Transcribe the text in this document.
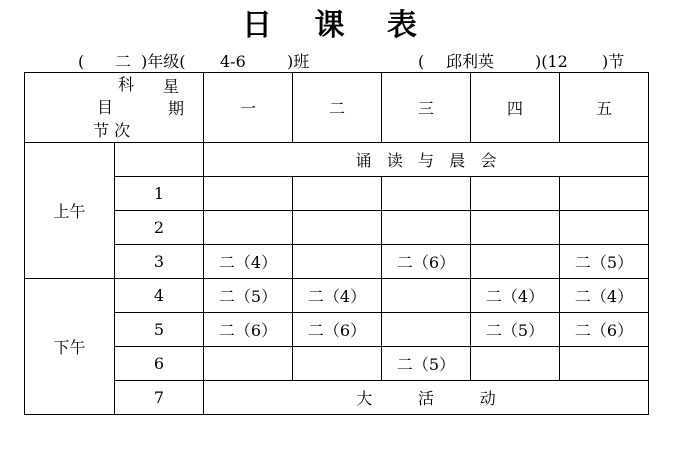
日 课 表
( 二 )年级( 4-6	)班	( 邱利英	)(12 )节
科 星
目 期
节 次		一	二	三	四	五
上午		诵   读   与   晨   会				
	1					
	2					
	3	二（4）		二（6）		二（5）
下午	4	二（5）	二（4）		二（4）	二（4）
	5	二（6）	二（6）		二（5）	二（6）
	6			二（5）		
	7	大         活         动				
